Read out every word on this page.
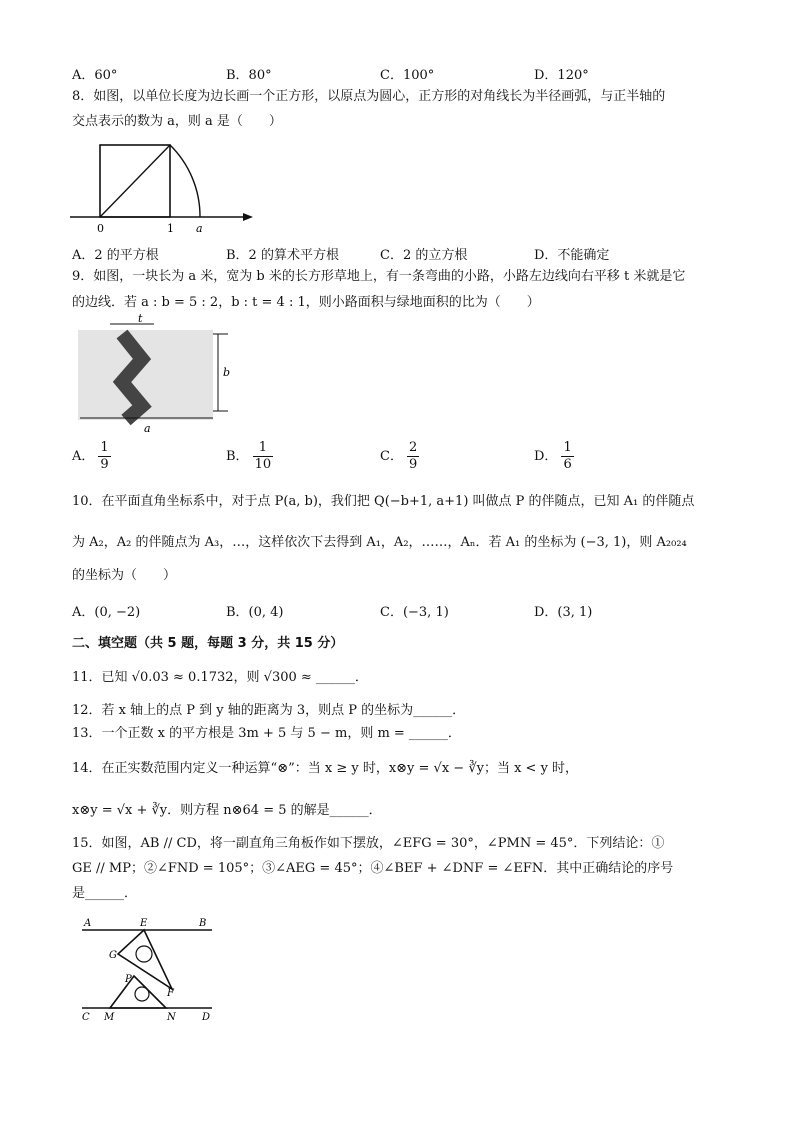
A．60°	B．80°	C．100°	D．120°
8．如图，以单位长度为边长画一个正方形，以原点为圆心，正方形的对角线长为半径画弧，与正半轴的
交点表示的数为 a，则 a 是（　　）
0	1 a
A．2 的平方根	B．2 的算术平方根	C．2 的立方根	D．不能确定
9．如图，一块长为 a 米，宽为 b 米的长方形草地上，有一条弯曲的小路，小路左边线向右平移 t 米就是它
的边线．若 a : b = 5 : 2，b : t = 4 : 1，则小路面积与绿地面积的比为（　　）
t
b
a
A． $\frac{1}{9}$	B． $\frac{1}{10}$	C． $\frac{2}{9}$	D． $\frac{1}{6}$
10．在平面直角坐标系中，对于点 P(a, b)，我们把 Q(−b+1, a+1) 叫做点 P 的伴随点，已知 A₁ 的伴随点
为 A₂，A₂ 的伴随点为 A₃，…，这样依次下去得到 A₁，A₂，……，Aₙ．若 A₁ 的坐标为 (−3, 1)，则 A₂₀₂₄
的坐标为（　　）
A．(0, −2)	B．(0, 4)	C．(−3, 1)	D．(3, 1)
二、填空题（共 5 题，每题 3 分，共 15 分）
11．已知 √0.03 ≈ 0.1732，则 √300 ≈ ______．
12．若 x 轴上的点 P 到 y 轴的距离为 3，则点 P 的坐标为______．
13．一个正数 x 的平方根是 3m + 5 与 5 − m，则 m = ______．
14．在正实数范围内定义一种运算“⊗”：当 x ≥ y 时，x⊗y = √x − ∛y；当 x < y 时，
x⊗y = √x + ∛y．则方程 n⊗64 = 5 的解是______．
15．如图，AB // CD，将一副直角三角板作如下摆放，∠EFG = 30°，∠PMN = 45°．下列结论：①
GE // MP；②∠FND = 105°；③∠AEG = 45°；④∠BEF + ∠DNF = ∠EFN．其中正确结论的序号
是______．
A	E	B
G
P
F
C M	N	D
